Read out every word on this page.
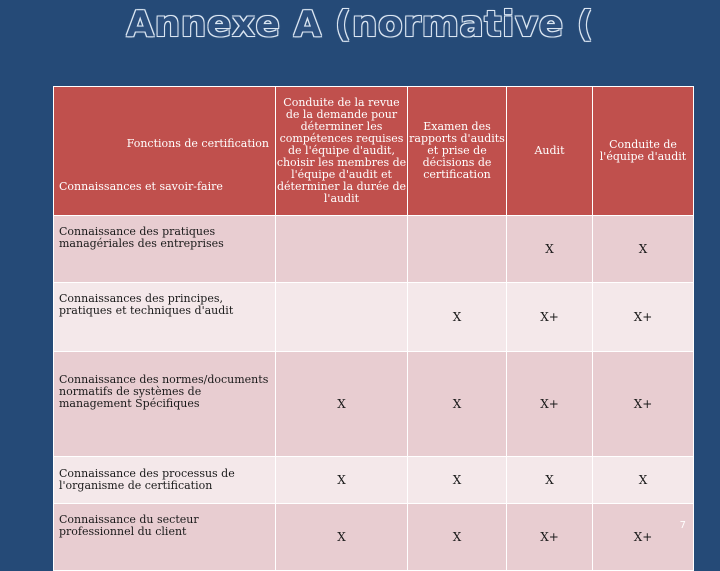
Annexe A (normative (
Fonctions de certification
Connaissances et savoir-faire	Conduite de la revue de la demande pour déterminer les compétences requises de l'équipe d'audit, choisir les membres de l'équipe d'audit et déterminer la durée de l'audit	Examen des rapports d'audits et prise de décisions de certification	Audit	Conduite de l'équipe d'audit
Connaissance des pratiques managériales des entreprises			X	X
Connaissances des principes, pratiques et techniques d'audit		X	X+	X+
Connaissance des normes/documents normatifs de systèmes de management Spécifiques	X	X	X+	X+
Connaissance des processus de l'organisme de certification	X	X	X	X
Connaissance du secteur professionnel du client	X	X	X+	X+
7
